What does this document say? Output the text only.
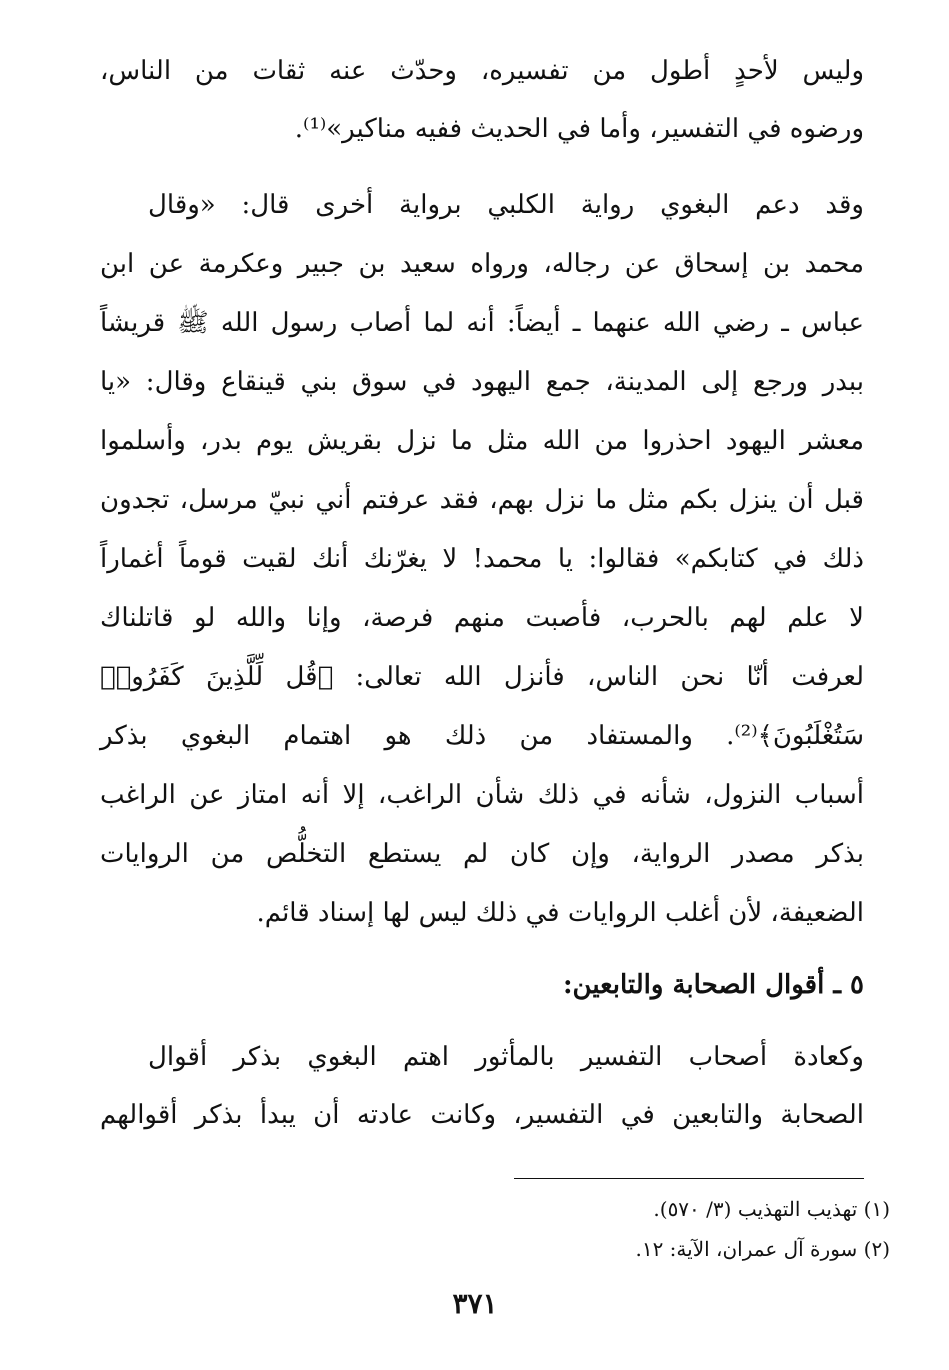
وليس لأحدٍ أطول من تفسيره، وحدّث عنه ثقات من الناس،
ورضوه في التفسير، وأما في الحديث ففيه مناكير»⁽¹⁾.
وقد دعم البغوي رواية الكلبي برواية أخرى قال: «وقال
محمد بن إسحاق عن رجاله، ورواه سعيد بن جبير وعكرمة عن ابن
عباس ـ رضي الله عنهما ـ أيضاً: أنه لما أصاب رسول الله ﷺ قريشاً
ببدر ورجع إلى المدينة، جمع اليهود في سوق بني قينقاع وقال: «يا
معشر اليهود احذروا من الله مثل ما نزل بقريش يوم بدر، وأسلموا
قبل أن ينزل بكم مثل ما نزل بهم، فقد عرفتم أني نبيّ مرسل، تجدون
ذلك في كتابكم» فقالوا: يا محمد! لا يغرّنك أنك لقيت قوماً أغماراً
لا علم لهم بالحرب، فأصبت منهم فرصة، وإنا والله لو قاتلناك
لعرفت أنّا نحن الناس، فأنزل الله تعالى: ﴿قُل لِّلَّذِينَ كَفَرُوا۟
سَتُغْلَبُونَ﴾⁽²⁾. والمستفاد من ذلك هو اهتمام البغوي بذكر
أسباب النزول، شأنه في ذلك شأن الراغب، إلا أنه امتاز عن الراغب
بذكر مصدر الرواية، وإن كان لم يستطع التخلُّص من الروايات
الضعيفة، لأن أغلب الروايات في ذلك ليس لها إسناد قائم.
٥ ـ أقوال الصحابة والتابعين:
وكعادة أصحاب التفسير بالمأثور اهتم البغوي بذكر أقوال
الصحابة والتابعين في التفسير، وكانت عادته أن يبدأ بذكر أقوالهم
(١) تهذيب التهذيب (٣/ ٥٧٠).
(٢) سورة آل عمران، الآية: ١٢.
٣٧١
